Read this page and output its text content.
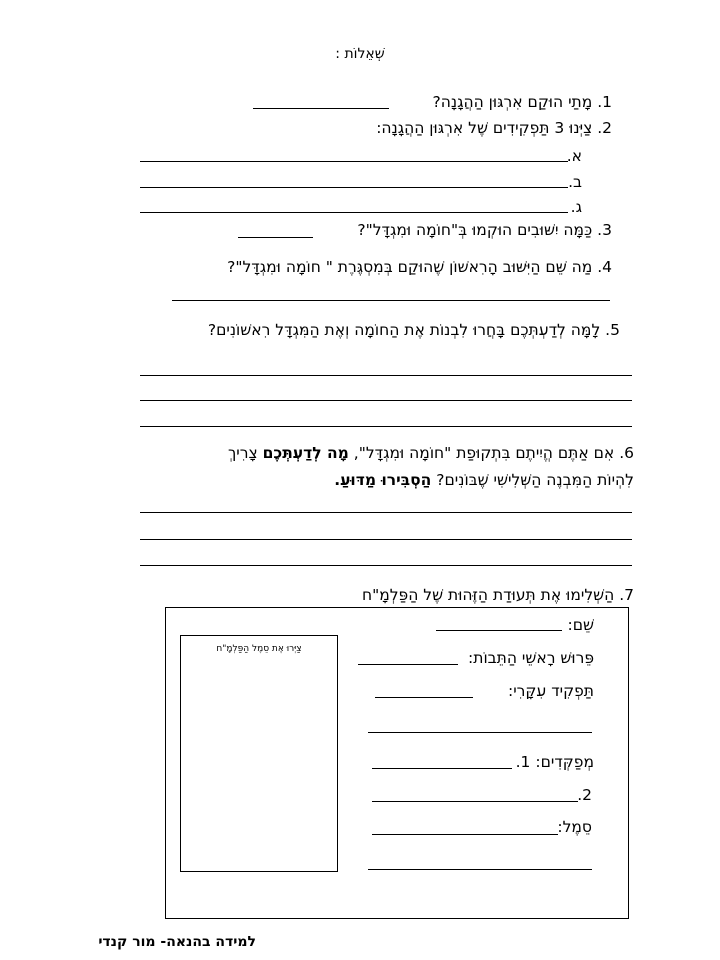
שְׁאֵלוֹת :
1. מָתַי הוּקַם אִרְגּוּן הַהֲגָנָה?
2. צַיְּנוּ 3 תַּפְקִידִים שֶׁל אִרְגּוּן הַהֲגָנָה:
א.
ב.
ג.
3. כַּמָּה יִשּׁוּבִים הוּקְמוּ בְּ"חוֹמָה וּמִגְדָּל"?
4. מַה שֵּׁם הַיִּשּׁוּב הָרִאשׁוֹן שֶׁהוּקַם בְּמִסְגֶּרֶת " חוֹמָה וּמִגְדָּל"?
5. לָמָּה לְדַעְתְּכֶם בָּחֲרוּ לִבְנוֹת אֶת הַחוֹמָה וְאֶת הַמִּגְדָּל רִאשׁוֹנִים?
6. אִם אַתֶּם הֱיִיתֶם בִּתְקוּפַת "חוֹמָה וּמִגְדָּל", מָה לְדַעְתְּכֶם צָרִיךְ
לִהְיוֹת הַמִּבְנֶה הַשְּׁלִישִׁי שֶׁבּוֹנִים? הַסְבִּירוּ מַדּוּעַ.
7. הַשְׁלִימוּ אֶת תְּעוּדַת הַזֶּהוּת שֶׁל הַפַּלְמָ"ח
צַיְּרוּ אֶת סֵמֶל הַפַּלְמָ"ח
שֵׁם:
פֵּרוּשׁ רָאשֵׁי הַתֵּבוֹת:
תַּפְקִיד עִקָּרִי:
מְפַקְּדִים: 1.
2.
סֵמֶל:
למידה בהנאה- מור קנדי
